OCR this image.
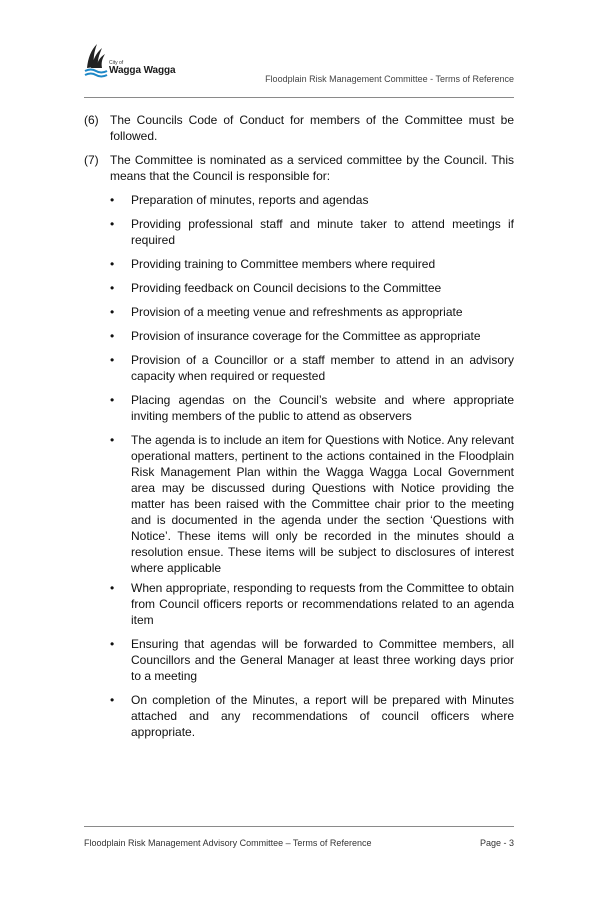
City of
Wagga Wagga
Floodplain Risk Management Committee - Terms of Reference
(6) The Councils Code of Conduct for members of the Committee must be followed.
(7) The Committee is nominated as a serviced committee by the Council. This means that the Council is responsible for:
• Preparation of minutes, reports and agendas
• Providing professional staff and minute taker to attend meetings if required
• Providing training to Committee members where required
• Providing feedback on Council decisions to the Committee
• Provision of a meeting venue and refreshments as appropriate
• Provision of insurance coverage for the Committee as appropriate
• Provision of a Councillor or a staff member to attend in an advisory capacity when required or requested
• Placing agendas on the Council’s website and where appropriate inviting members of the public to attend as observers
• The agenda is to include an item for Questions with Notice. Any relevant operational matters, pertinent to the actions contained in the Floodplain Risk Management Plan within the Wagga Wagga Local Government area may be discussed during Questions with Notice providing the matter has been raised with the Committee chair prior to the meeting and is documented in the agenda under the section ‘Questions with Notice’. These items will only be recorded in the minutes should a resolution ensue. These items will be subject to disclosures of interest where applicable
• When appropriate, responding to requests from the Committee to obtain from Council officers reports or recommendations related to an agenda item
• Ensuring that agendas will be forwarded to Committee members, all Councillors and the General Manager at least three working days prior to a meeting
• On completion of the Minutes, a report will be prepared with Minutes attached and any recommendations of council officers where appropriate.
Floodplain Risk Management Advisory Committee – Terms of Reference	Page - 3
